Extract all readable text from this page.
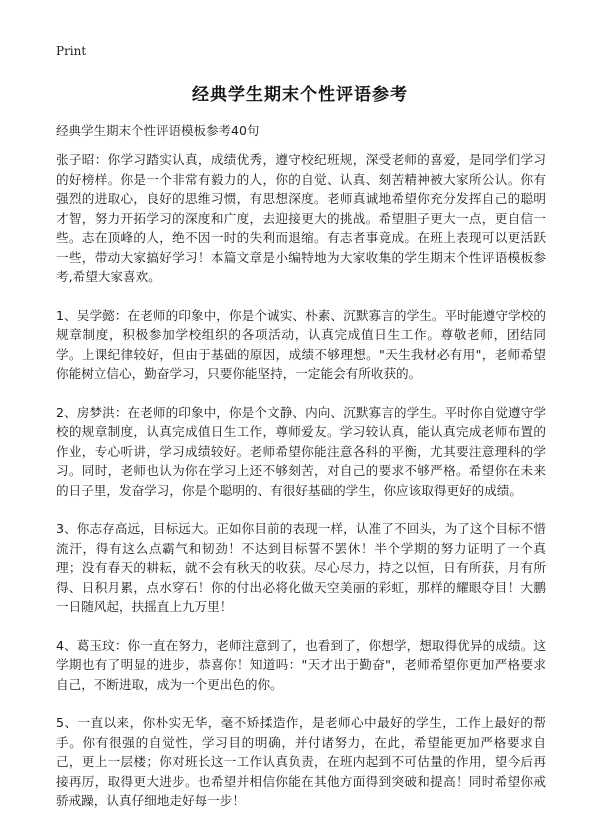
Print
经典学生期末个性评语参考
经典学生期末个性评语模板参考40句

张子昭：你学习踏实认真，成绩优秀，遵守校纪班规，深受老师的喜爱，是同学们学习的好榜样。你是一个非常有毅力的人，你的自觉、认真、刻苦精神被大家所公认。你有强烈的进取心，良好的思维习惯，有思想深度。老师真诚地希望你充分发挥自己的聪明才智，努力开拓学习的深度和广度，去迎接更大的挑战。希望胆子更大一点，更自信一些。志在顶峰的人，绝不因一时的失利而退缩。有志者事竟成。在班上表现可以更活跃一些，带动大家搞好学习！本篇文章是小编特地为大家收集的学生期末个性评语模板参考,希望大家喜欢。

1、吴学懿：在老师的印象中，你是个诚实、朴素、沉默寡言的学生。平时能遵守学校的规章制度，积极参加学校组织的各项活动，认真完成值日生工作。尊敬老师，团结同学。上课纪律较好，但由于基础的原因，成绩不够理想。"天生我材必有用"，老师希望你能树立信心，勤奋学习，只要你能坚持，一定能会有所收获的。

2、房梦洪：在老师的印象中，你是个文静、内向、沉默寡言的学生。平时你自觉遵守学校的规章制度，认真完成值日生工作，尊师爱友。学习较认真，能认真完成老师布置的作业，专心听讲，学习成绩较好。老师希望你能注意各科的平衡，尤其要注意理科的学习。同时，老师也认为你在学习上还不够刻苦，对自己的要求不够严格。希望你在未来的日子里，发奋学习，你是个聪明的、有很好基础的学生，你应该取得更好的成绩。

3、你志存高远，目标远大。正如你目前的表现一样，认准了不回头，为了这个目标不惜流汗，得有这么点霸气和韧劲！不达到目标誓不罢休！半个学期的努力证明了一个真理；没有春天的耕耘，就不会有秋天的收获。尽心尽力，持之以恒，日有所获，月有所得、日积月累，点水穿石！你的付出必将化做天空美丽的彩虹，那样的耀眼夺目！大鹏一日随风起，扶摇直上九万里！

4、葛玉玟：你一直在努力，老师注意到了，也看到了，你想学，想取得优异的成绩。这学期也有了明显的进步，恭喜你！知道吗："天才出于勤奋"，老师希望你更加严格要求自己，不断进取，成为一个更出色的你。

5、一直以来，你朴实无华，毫不矫揉造作，是老师心中最好的学生，工作上最好的帮手。你有很强的自觉性，学习目的明确，并付诸努力，在此，希望能更加严格要求自己，更上一层楼；你对班长这一工作认真负责，在班内起到不可估量的作用，望今后再接再厉，取得更大进步。也希望并相信你能在其他方面得到突破和提高！同时希望你戒骄戒躁，认真仔细地走好每一步！
